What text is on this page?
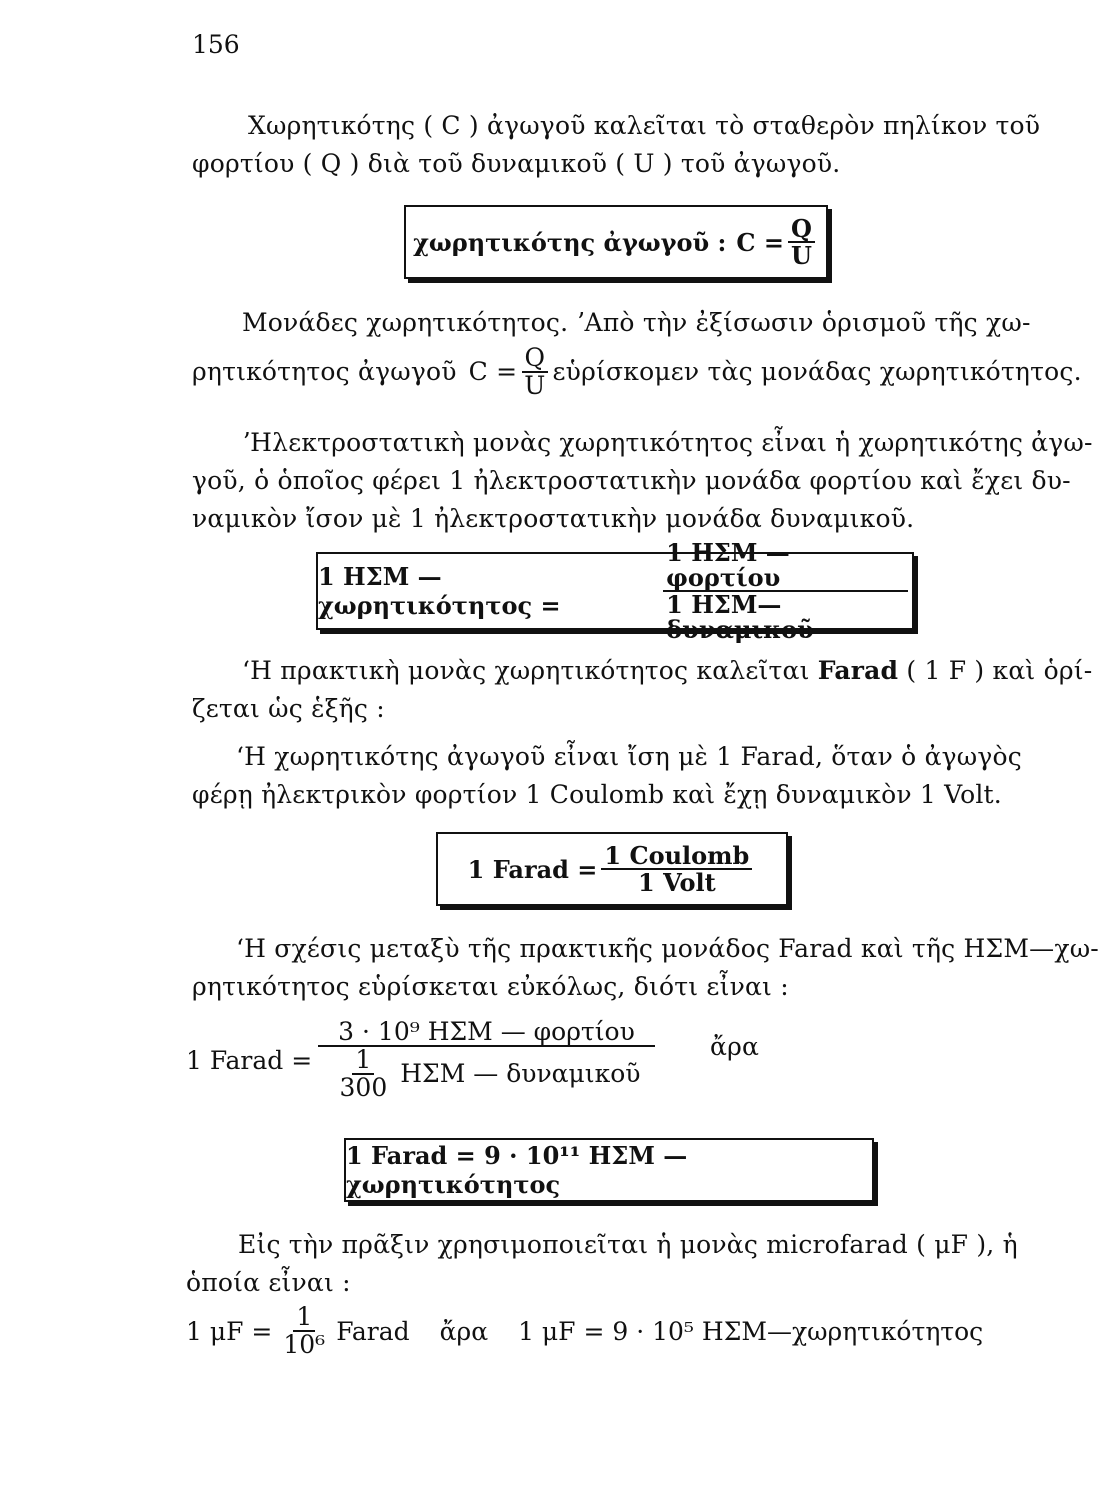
156
Χωρητικότης ( C ) ἀγωγοῦ καλεῖται τὸ σταθερὸν πηλίκον τοῦ
φορτίου ( Q ) διὰ τοῦ δυναμικοῦ ( U ) τοῦ ἀγωγοῦ.
χωρητικότης ἀγωγοῦ : $C = \frac{Q}{U}$
Μονάδες χωρητικότητος. ʼΑπὸ τὴν ἐξίσωσιν ὁρισμοῦ τῆς χω-
ρητικότητος ἀγωγοῦ $C = \frac{Q}{U}$ εὑρίσκομεν τὰς μονάδας χωρητικότητος.
ʼΗλεκτροστατικὴ μονὰς χωρητικότητος εἶναι ἡ χωρητικότης ἀγω-
γοῦ, ὁ ὁποῖος φέρει 1 ἠλεκτροστατικὴν μονάδα φορτίου καὶ ἔχει δυ-
ναμικὸν ἴσον μὲ 1 ἠλεκτροστατικὴν μονάδα δυναμικοῦ.
1 ΗΣΜ — χωρητικότητος =	$\frac{\text{1 ΗΣΜ — φορτίου}}{\text{1 ΗΣΜ—δυναμικοῦ}}$
ʻΗ πρακτικὴ μονὰς χωρητικότητος καλεῖται Farad ( 1 F ) καὶ ὁρί-
ζεται ὡς ἑξῆς :
ʻΗ χωρητικότης ἀγωγοῦ εἶναι ἴση μὲ 1 Farad, ὅταν ὁ ἀγωγὸς
φέρῃ ἠλεκτρικὸν φορτίον 1 Coulomb καὶ ἔχῃ δυναμικὸν 1 Volt.
1 Farad = $\frac{\text{1 Coulomb}}{\text{1 Volt}}$
ʻΗ σχέσις μεταξὺ τῆς πρακτικῆς μονάδος Farad καὶ τῆς ΗΣΜ—χω-
ρητικότητος εὑρίσκεται εὐκόλως, διότι εἶναι :
1 Farad = $\frac{\text{3 · 10⁹ ΗΣΜ — φορτίου}}{\frac{1}{300} H\Sigma M — \delta\upsilon\nu\alpha\mu\iota\kappa oῦ}$ ἄρα
1 Farad = 9 · 10¹¹ ΗΣΜ — χωρητικότητος
Εἰς τὴν πρᾶξιν χρησιμοποιεῖται ἡ μονὰς microfarad ( μF ), ἡ
ὁποία εἶναι :
1 $\mu F = \frac{1}{\text{10⁶}}$ Farad ἄρα 1 μF = 9 · 10⁵ ΗΣΜ—χωρητικότητος
